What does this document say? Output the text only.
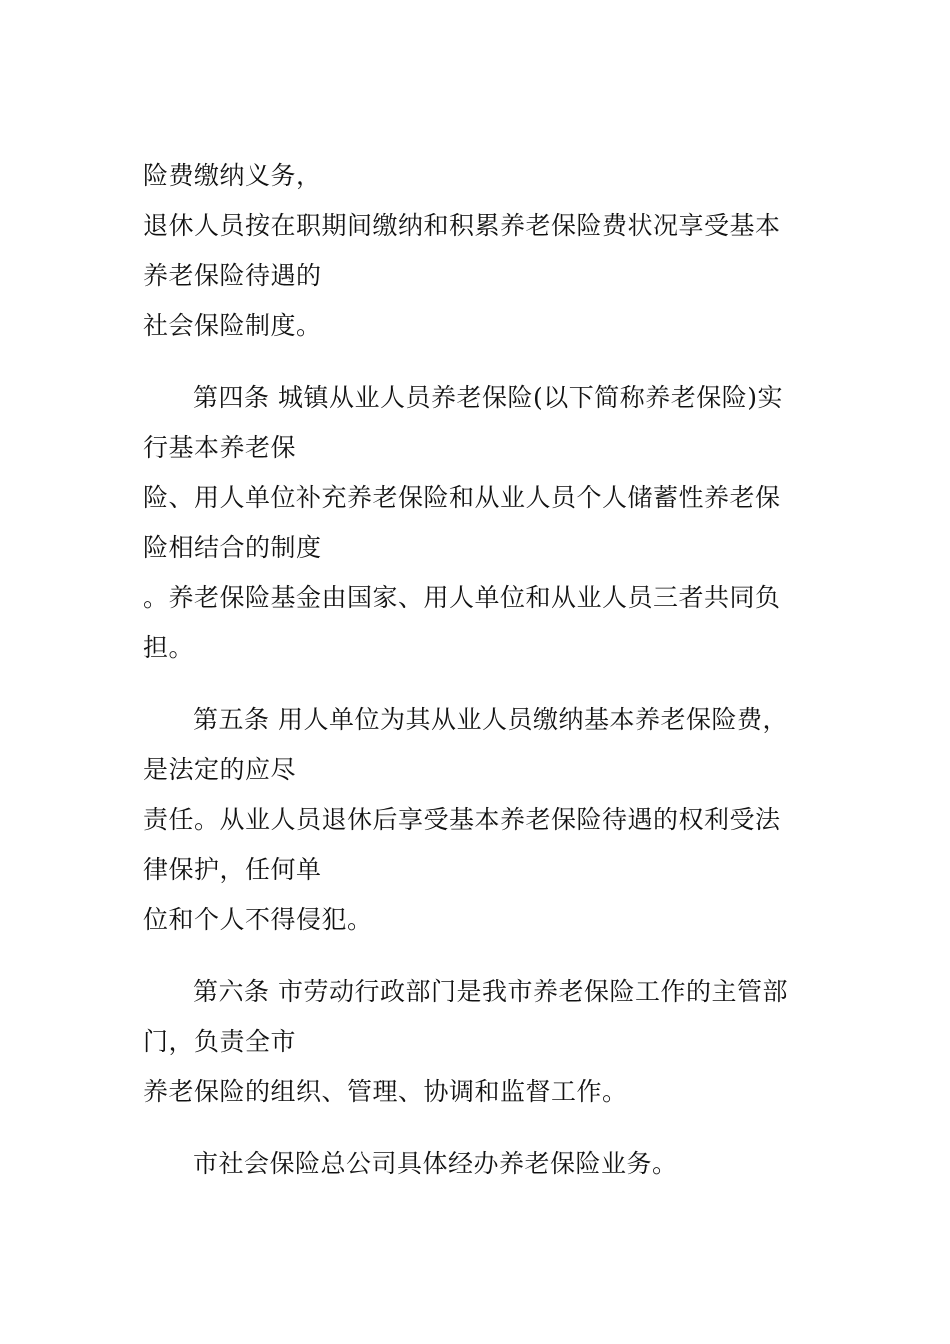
险费缴纳义务，
退休人员按在职期间缴纳和积累养老保险费状况享受基本
养老保险待遇的
社会保险制度。
第四条 城镇从业人员养老保险(以下简称养老保险)实
行基本养老保
险、用人单位补充养老保险和从业人员个人储蓄性养老保
险相结合的制度
。养老保险基金由国家、用人单位和从业人员三者共同负
担。
第五条 用人单位为其从业人员缴纳基本养老保险费，
是法定的应尽
责任。从业人员退休后享受基本养老保险待遇的权利受法
律保护，任何单
位和个人不得侵犯。
第六条 市劳动行政部门是我市养老保险工作的主管部
门，负责全市
养老保险的组织、管理、协调和监督工作。
市社会保险总公司具体经办养老保险业务。
